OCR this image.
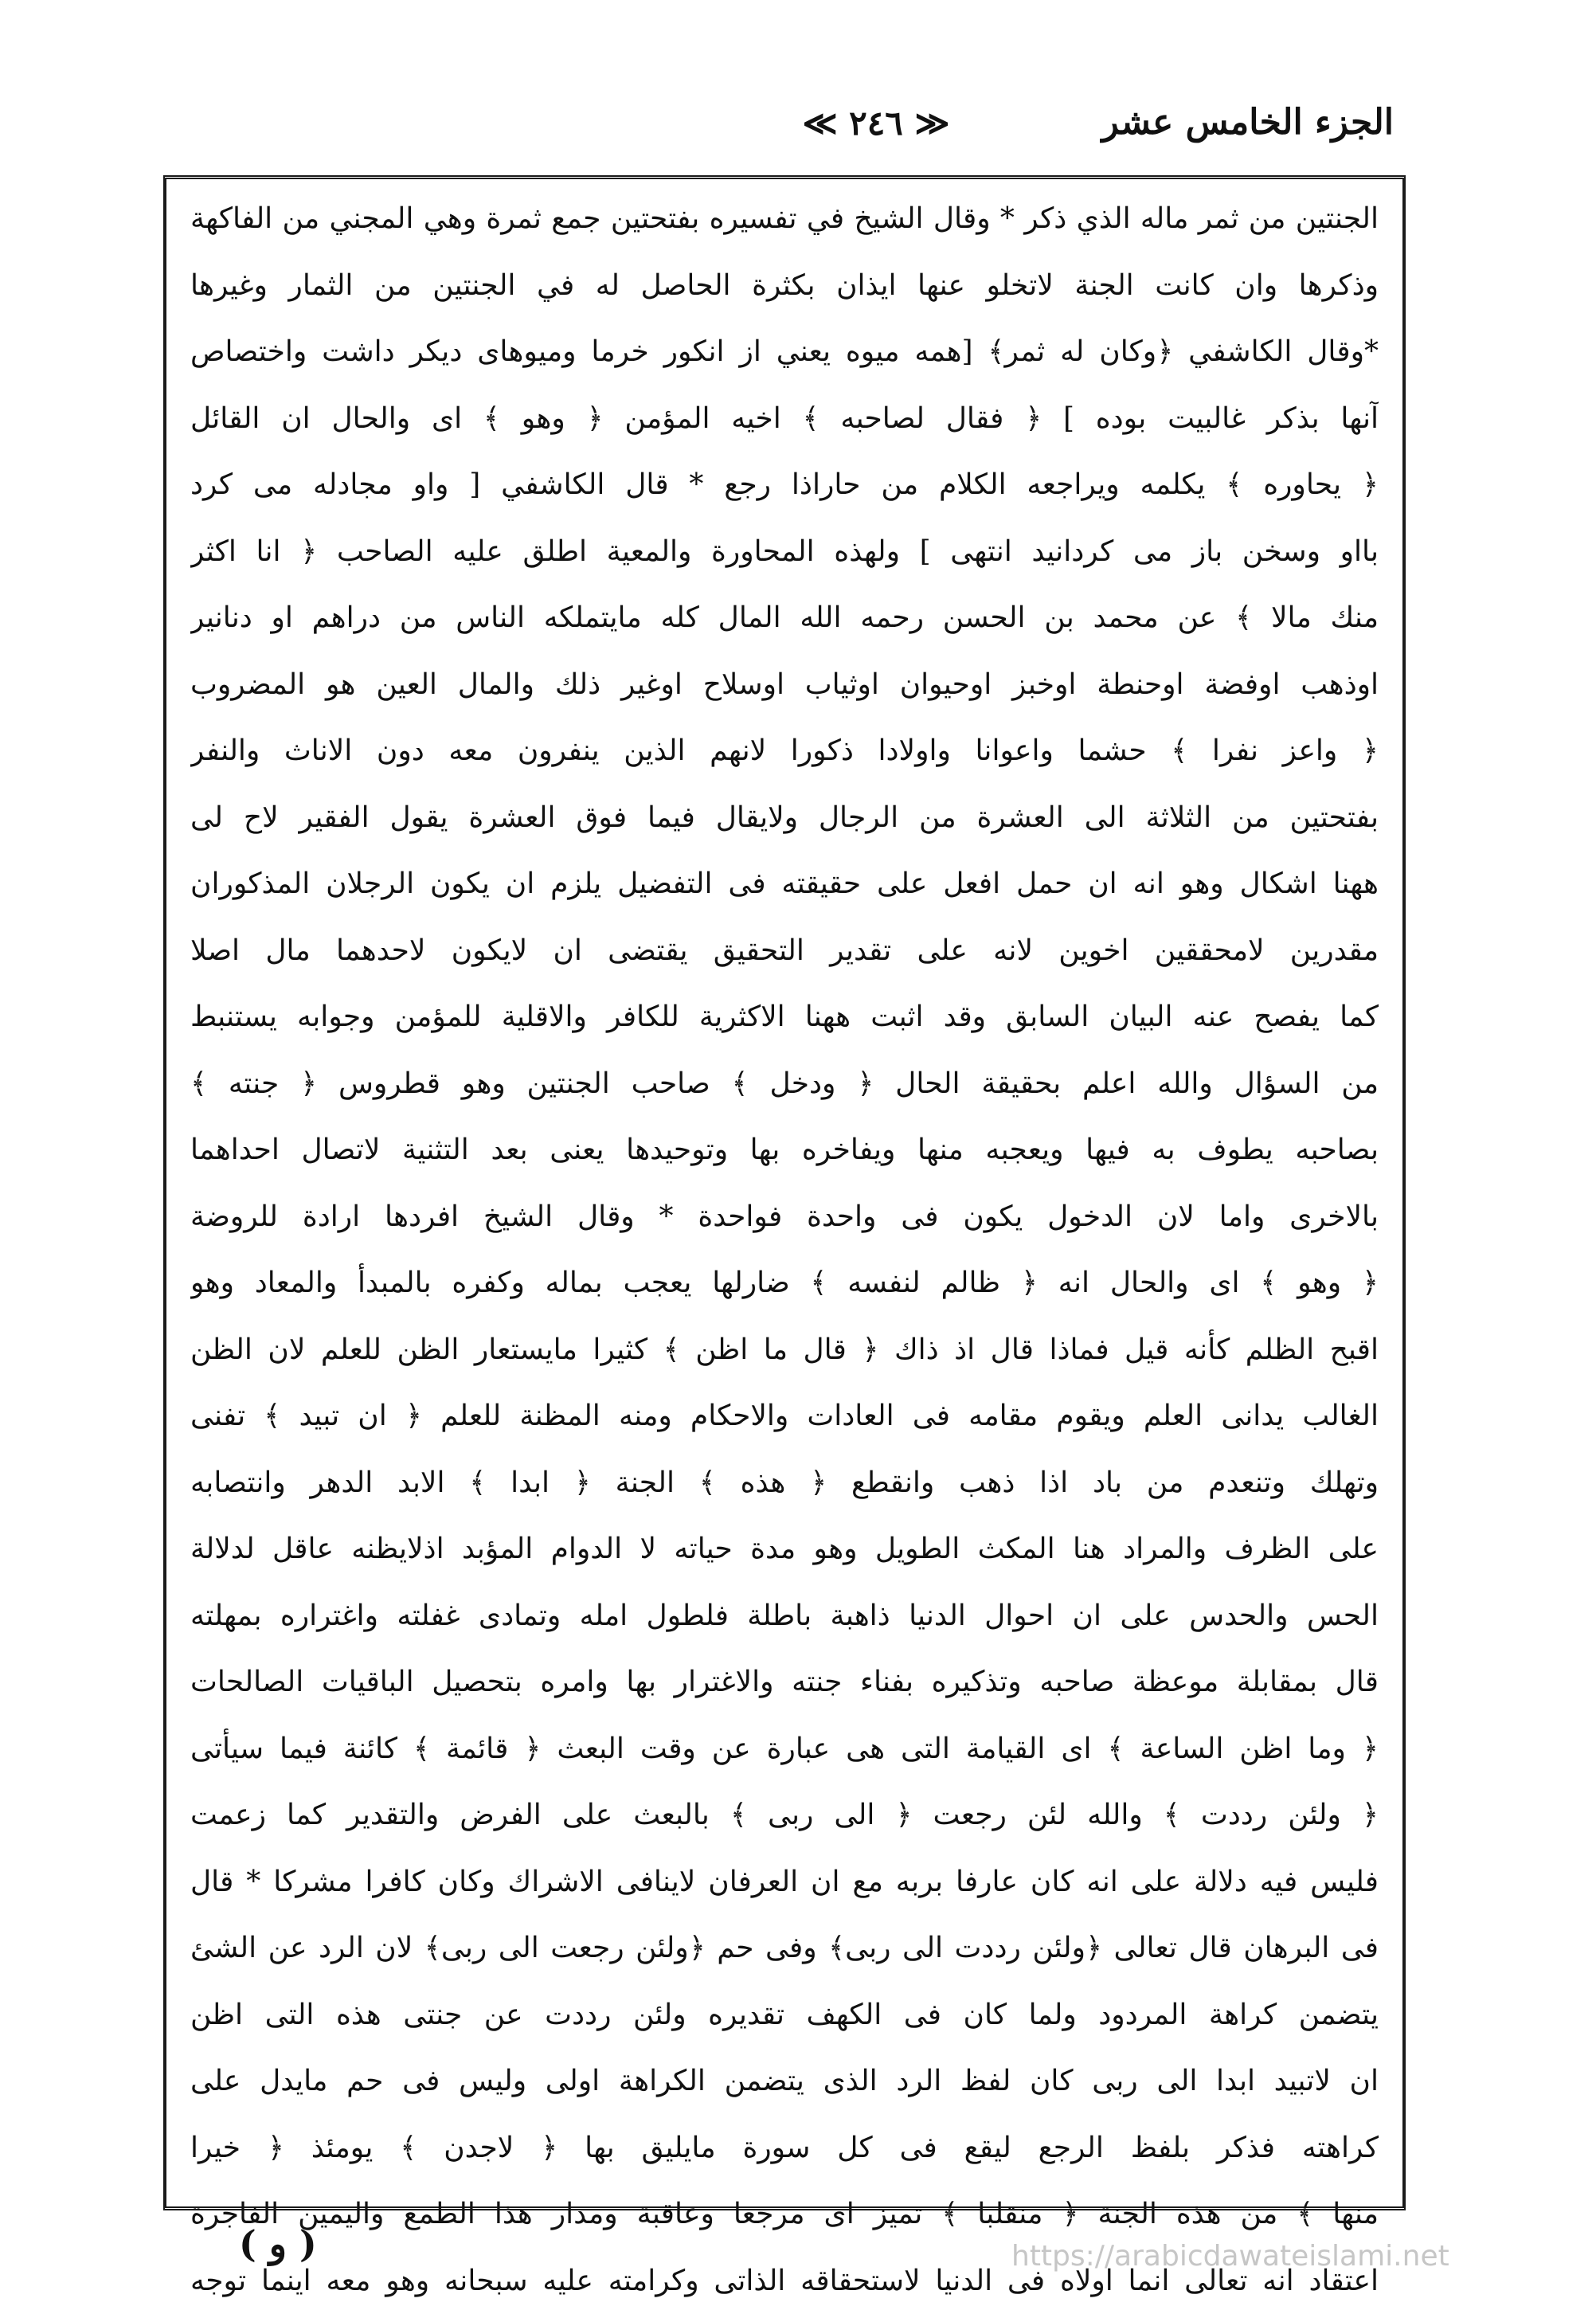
الجزء الخامس عشر
≪ ٢٤٦ ≫
الجنتين من ثمر ماله الذي ذكر * وقال الشيخ في تفسيره بفتحتين جمع ثمرة وهي المجني من الفاكهة
وذكرها وان كانت الجنة لاتخلو عنها ايذان بكثرة الحاصل له في الجنتين من الثمار وغيرها
*وقال الكاشفي ﴿وكان له ثمر﴾ [همه ميوه يعني از انكور خرما وميوهاى ديكر داشت واختصاص
آنها بذكر غالبيت بوده ] ﴿ فقال لصاحبه ﴾ اخيه المؤمن ﴿ وهو ﴾ اى والحال ان القائل
﴿ يحاوره ﴾ يكلمه ويراجعه الكلام من حاراذا رجع * قال الكاشفي [ واو مجادله مى كرد
بااو وسخن باز مى كردانيد انتهى ] ولهذه المحاورة والمعية اطلق عليه الصاحب ﴿ انا اكثر
منك مالا ﴾ عن محمد بن الحسن رحمه الله المال كله مايتملكه الناس من دراهم او دنانير
اوذهب اوفضة اوحنطة اوخبز اوحيوان اوثياب اوسلاح اوغير ذلك والمال العين هو المضروب
﴿ واعز نفرا ﴾ حشما واعوانا واولادا ذكورا لانهم الذين ينفرون معه دون الاناث والنفر
بفتحتين من الثلاثة الى العشرة من الرجال ولايقال فيما فوق العشرة يقول الفقير لاح لى
ههنا اشكال وهو انه ان حمل افعل على حقيقته فى التفضيل يلزم ان يكون الرجلان المذكوران
مقدرين لامحققين اخوين لانه على تقدير التحقيق يقتضى ان لايكون لاحدهما مال اصلا
كما يفصح عنه البيان السابق وقد اثبت ههنا الاكثرية للكافر والاقلية للمؤمن وجوابه يستنبط
من السؤال والله اعلم بحقيقة الحال ﴿ ودخل ﴾ صاحب الجنتين وهو قطروس ﴿ جنته ﴾
بصاحبه يطوف به فيها ويعجبه منها ويفاخره بها وتوحيدها يعنى بعد التثنية لاتصال احداهما
بالاخرى واما لان الدخول يكون فى واحدة فواحدة * وقال الشيخ افردها ارادة للروضة
﴿ وهو ﴾ اى والحال انه ﴿ ظالم لنفسه ﴾ ضارلها يعجب بماله وكفره بالمبدأ والمعاد وهو
اقبح الظلم كأنه قيل فماذا قال اذ ذاك ﴿ قال ما اظن ﴾ كثيرا مايستعار الظن للعلم لان الظن
الغالب يدانى العلم ويقوم مقامه فى العادات والاحكام ومنه المظنة للعلم ﴿ ان تبيد ﴾ تفنى
وتهلك وتنعدم من باد اذا ذهب وانقطع ﴿ هذه ﴾ الجنة ﴿ ابدا ﴾ الابد الدهر وانتصابه
على الظرف والمراد هنا المكث الطويل وهو مدة حياته لا الدوام المؤبد اذلايظنه عاقل لدلالة
الحس والحدس على ان احوال الدنيا ذاهبة باطلة فلطول امله وتمادى غفلته واغتراره بمهلته
قال بمقابلة موعظة صاحبه وتذكيره بفناء جنته والاغترار بها وامره بتحصيل الباقيات الصالحات
﴿ وما اظن الساعة ﴾ اى القيامة التى هى عبارة عن وقت البعث ﴿ قائمة ﴾ كائنة فيما سيأتى
﴿ ولئن رددت ﴾ والله لئن رجعت ﴿ الى ربى ﴾ بالبعث على الفرض والتقدير كما زعمت
فليس فيه دلالة على انه كان عارفا بربه مع ان العرفان لاينافى الاشراك وكان كافرا مشركا * قال
فى البرهان قال تعالى ﴿ولئن رددت الى ربى﴾ وفى حم ﴿ولئن رجعت الى ربى﴾ لان الرد عن الشئ
يتضمن كراهة المردود ولما كان فى الكهف تقديره ولئن رددت عن جنتى هذه التى اظن
ان لاتبيد ابدا الى ربى كان لفظ الرد الذى يتضمن الكراهة اولى وليس فى حم مايدل على
كراهته فذكر بلفظ الرجع ليقع فى كل سورة مايليق بها ﴿ لاجدن ﴾ يومئذ ﴿ خيرا
منها ﴾ من هذه الجنة ﴿ منقلبا ﴾ تميز اى مرجعا وعاقبة ومدار هذا الطمع واليمين الفاجرة
اعتقاد انه تعالى انما اولاه فى الدنيا لاستحقاقه الذاتى وكرامته عليه سبحانه وهو معه اينما توجه
( و )	https://arabicdawateislami.net
